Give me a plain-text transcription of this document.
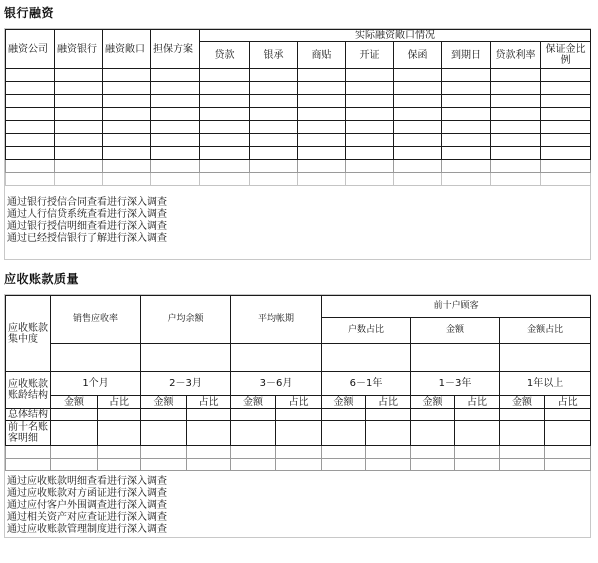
银行融资
融资公司	融资银行	融资敞口	担保方案	实际融资敞口情况							
				贷款	银承	商贴	开证	保函	到期日	贷款利率	保证金比例

通过银行授信合同查看进行深入调查
通过人行信贷系统查看进行深入调查
通过银行授信明细查看进行深入调查
通过已经授信银行了解进行深入调查
应收账款质量
应收账款集中度	销售应收率		户均余额		平均帐期		前十户顾客					
							户数占比		金额		金额占比	

应收账款账龄结构	1个月		2－3月		3－6月		6－1年		1－3年		1年以上	
	金额	占比	金额	占比	金额	占比	金额	占比	金额	占比	金额	占比
总体结构												
前十名账客明细												

通过应收账款明细查看进行深入调查
通过应收账款对方函证进行深入调查
通过应付客户外围调查进行深入调查
通过相关资产对应查证进行深入调查
通过应收账款管理制度进行深入调查
